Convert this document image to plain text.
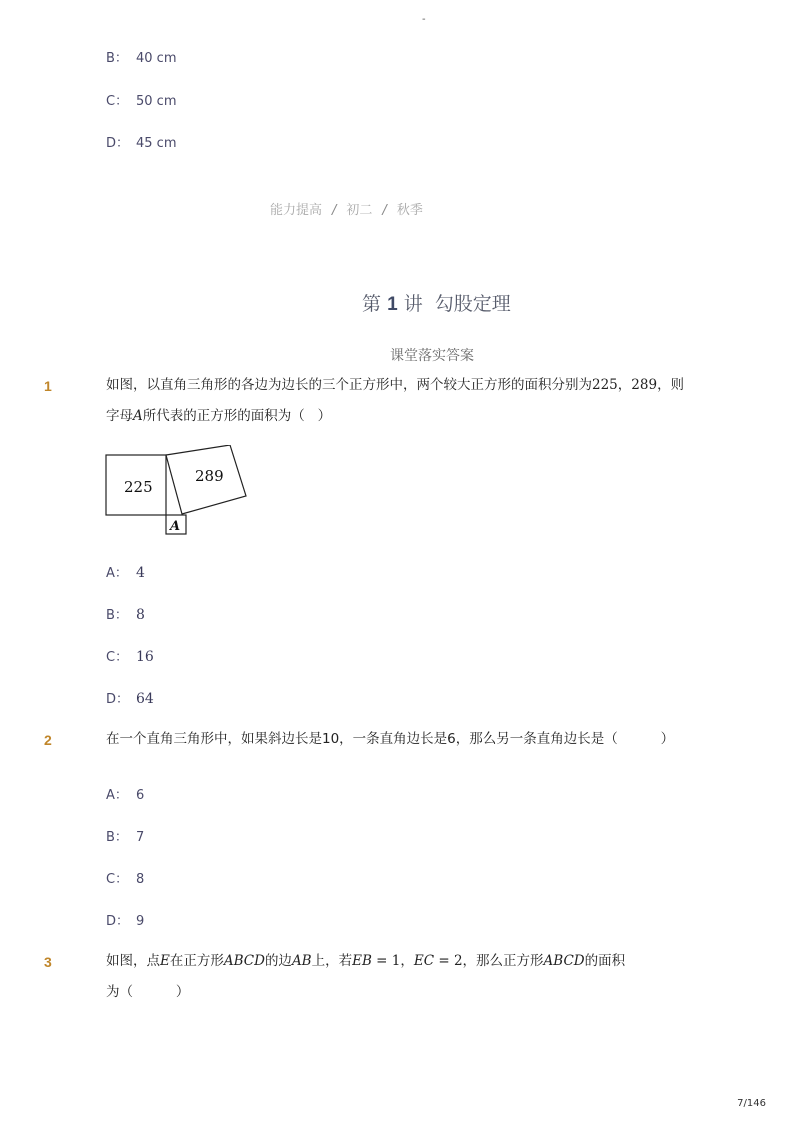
-
B： 40 cm
C： 50 cm
D： 45 cm
能力提高 / 初二 / 秋季
第 1 讲  勾股定理
课堂落实答案
1	如图，以直角三角形的各边为边长的三个正方形中，两个较大正方形的面积分别为225，289，则
字母A所代表的正方形的面积为（   ）
225
289
A
A： 4
B： 8
C： 16
D： 64
2	在一个直角三角形中，如果斜边长是10，一条直角边长是6，那么另一条直角边长是（          ）
A： 6
B： 7
C： 8
D： 9
3	如图，点E在正方形ABCD的边AB上，若EB = 1，EC = 2，那么正方形ABCD的面积
为（          ）
7/146
